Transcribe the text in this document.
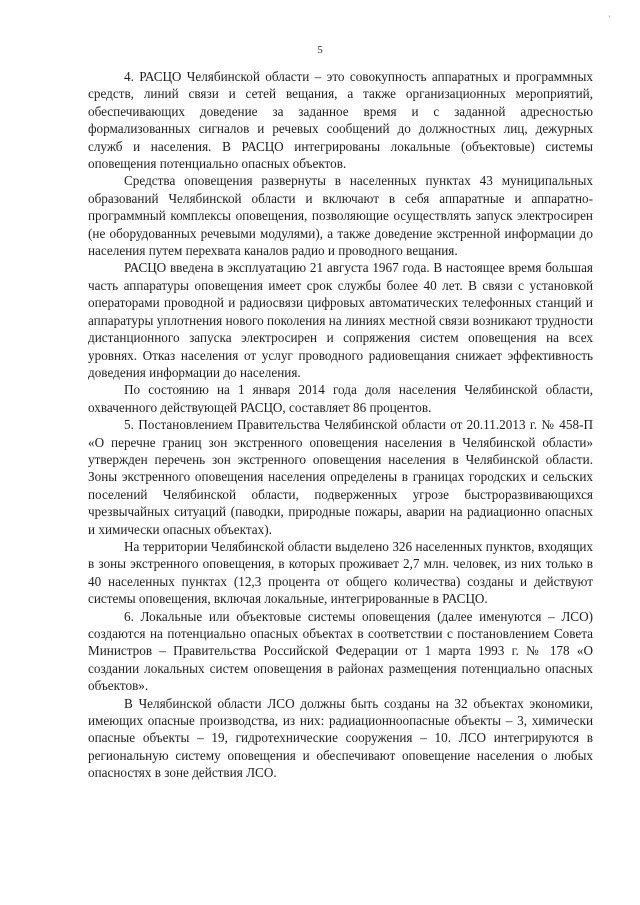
'
5

4. РАСЦО Челябинской области – это совокупность аппаратных и программных средств, линий связи и сетей вещания, а также организационных мероприятий, обеспечивающих доведение за заданное время и с заданной адресностью формализованных сигналов и речевых сообщений до должностных лиц, дежурных служб и населения. В РАСЦО интегрированы локальные (объектовые) системы оповещения потенциально опасных объектов.

Средства оповещения развернуты в населенных пунктах 43 муниципальных образований Челябинской области и включают в себя аппаратные и аппаратно-программный комплексы оповещения, позволяющие осуществлять запуск электросирен (не оборудованных речевыми модулями), а также доведение экстренной информации до населения путем перехвата каналов радио и проводного вещания.

РАСЦО введена в эксплуатацию 21 августа 1967 года. В настоящее время большая часть аппаратуры оповещения имеет срок службы более 40 лет. В связи с установкой операторами проводной и радиосвязи цифровых автоматических телефонных станций и аппаратуры уплотнения нового поколения на линиях местной связи возникают трудности дистанционного запуска электросирен и сопряжения систем оповещения на всех уровнях. Отказ населения от услуг проводного радиовещания снижает эффективность доведения информации до населения.

По состоянию на 1 января 2014 года доля населения Челябинской области, охваченного действующей РАСЦО, составляет 86 процентов.

5. Постановлением Правительства Челябинской области от 20.11.2013 г. № 458-П «О перечне границ зон экстренного оповещения населения в Челябинской области» утвержден перечень зон экстренного оповещения населения в Челябинской области. Зоны экстренного оповещения населения определены в границах городских и сельских поселений Челябинской области, подверженных угрозе быстроразвивающихся чрезвычайных ситуаций (паводки, природные пожары, аварии на радиационно опасных и химически опасных объектах).

На территории Челябинской области выделено 326 населенных пунктов, входящих в зоны экстренного оповещения, в которых проживает 2,7 млн. человек, из них только в 40 населенных пунктах (12,3 процента от общего количества) созданы и действуют системы оповещения, включая локальные, интегрированные в РАСЦО.

6. Локальные или объектовые системы оповещения (далее именуются – ЛСО) создаются на потенциально опасных объектах в соответствии с постановлением Совета Министров – Правительства Российской Федерации от 1 марта 1993 г. № 178 «О создании локальных систем оповещения в районах размещения потенциально опасных объектов».

В Челябинской области ЛСО должны быть созданы на 32 объектах экономики, имеющих опасные производства, из них: радиационноопасные объекты – 3, химически опасные объекты – 19, гидротехнические сооружения – 10. ЛСО интегрируются в региональную систему оповещения и обеспечивают оповещение населения о любых опасностях в зоне действия ЛСО.
